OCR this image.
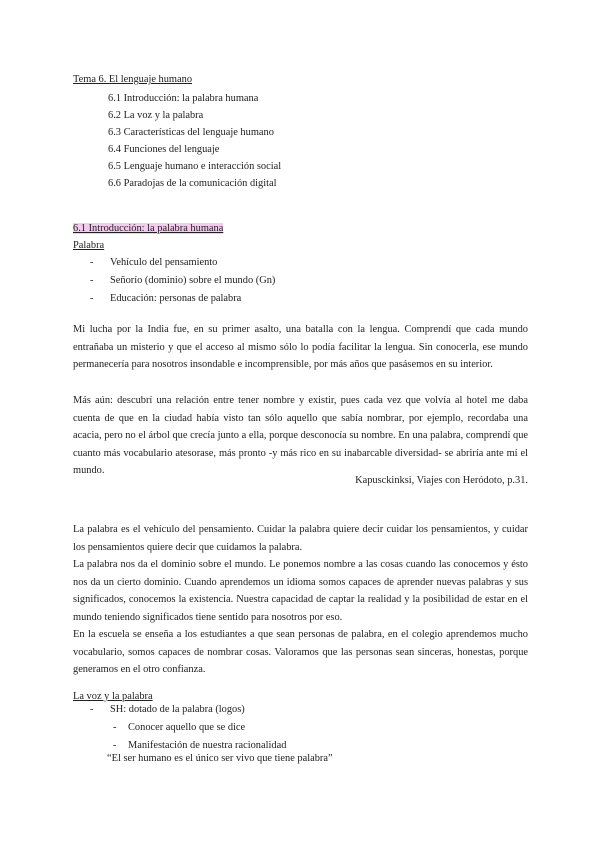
Tema 6. El lenguaje humano
6.1 Introducción: la palabra humana
6.2 La voz y la palabra
6.3 Características del lenguaje humano
6.4 Funciones del lenguaje
6.5 Lenguaje humano e interacción social
6.6 Paradojas de la comunicación digital
6.1 Introducción: la palabra humana
Palabra
- Vehículo del pensamiento
- Señorío (dominio) sobre el mundo (Gn)
- Educación: personas de palabra

Mi lucha por la India fue, en su primer asalto, una batalla con la lengua. Comprendí que cada mundo entrañaba un misterio y que el acceso al mismo sólo lo podía facilitar la lengua. Sin conocerla, ese mundo permanecería para nosotros insondable e incomprensible, por más años que pasásemos en su interior.

Más aún: descubrí una relación entre tener nombre y existir, pues cada vez que volvía al hotel me daba cuenta de que en la ciudad había visto tan sólo aquello que sabía nombrar, por ejemplo, recordaba una acacia, pero no el árbol que crecía junto a ella, porque desconocía su nombre. En una palabra, comprendí que cuanto más vocabulario atesorase, más pronto -y más rico en su inabarcable diversidad- se abriría ante mí el mundo.

Kapusckinksi, Viajes con Heródoto, p.31.

La palabra es el vehículo del pensamiento. Cuidar la palabra quiere decir cuidar los pensamientos, y cuidar los pensamientos quiere decir que cuidamos la palabra.

La palabra nos da el dominio sobre el mundo. Le ponemos nombre a las cosas cuando las conocemos y ésto nos da un cierto dominio. Cuando aprendemos un idioma somos capaces de aprender nuevas palabras y sus significados, conocemos la existencia. Nuestra capacidad de captar la realidad y la posibilidad de estar en el mundo teniendo significados tiene sentido para nosotros por eso.

En la escuela se enseña a los estudiantes a que sean personas de palabra, en el colegio aprendemos mucho vocabulario, somos capaces de nombrar cosas. Valoramos que las personas sean sinceras, honestas, porque generamos en el otro confianza.

La voz y la palabra
- SH: dotado de la palabra (logos)
- Conocer aquello que se dice
- Manifestación de nuestra racionalidad
“El ser humano es el único ser vivo que tiene palabra”
